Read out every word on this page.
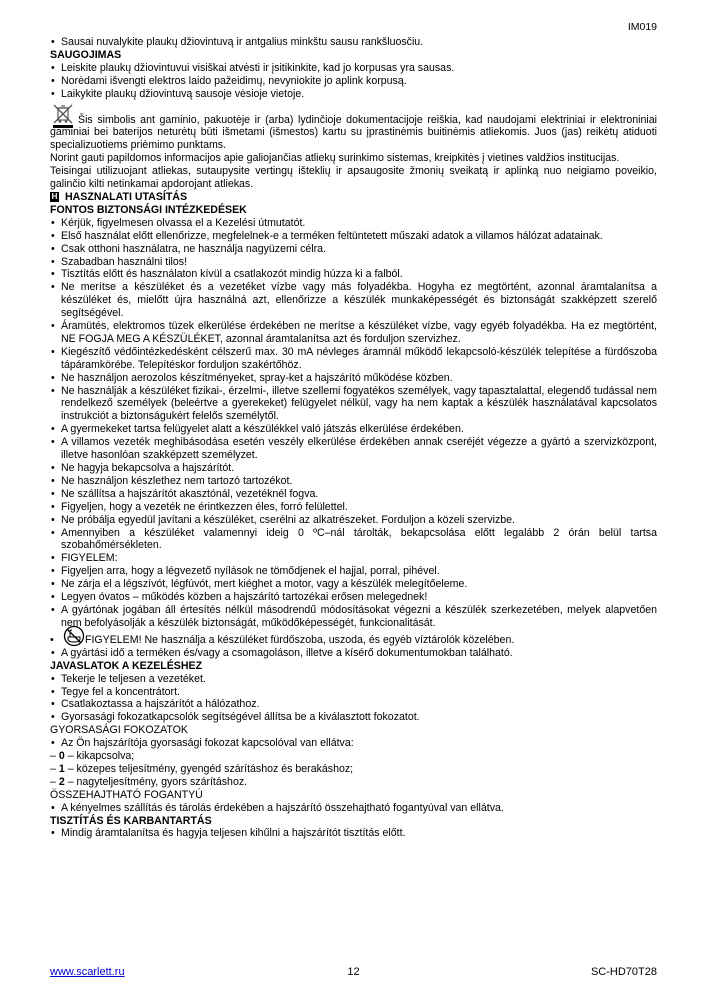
IM019
• Sausai nuvalykite plaukų džiovintuvą ir antgalius minkštu sausu rankšluosčiu.
SAUGOJIMAS
• Leiskite plaukų džiovintuvui visiškai atvėsti ir įsitikinkite, kad jo korpusas yra sausas.
• Norėdami išvengti elektros laido pažeidimų, nevyniokite jo aplink korpusą.
• Laikykite plaukų džiovintuvą sausoje vėsioje vietoje.

Šis simbolis ant gaminio, pakuotėje ir (arba) lydinčioje dokumentacijoje reiškia, kad naudojami elektriniai ir elektroniniai gaminiai bei baterijos neturėtų būti išmetami (išmestos) kartu su įprastinėmis buitinėmis atliekomis. Juos (jas) reikėtų atiduoti specializuotiems priėmimo punktams.

Norint gauti papildomos informacijos apie galiojančias atliekų surinkimo sistemas, kreipkitės į vietines valdžios institucijas.

Teisingai utilizuojant atliekas, sutaupysite vertingų išteklių ir apsaugosite žmonių sveikatą ir aplinką nuo neigiamo poveikio, galinčio kilti netinkamai apdorojant atliekas.

H HASZNALATI UTASÍTÁS
FONTOS BIZTONSÁGI INTÉZKEDÉSEK
• Kérjük, figyelmesen olvassa el a Kezelési útmutatót.
• Első használat előtt ellenőrizze, megfelelnek-e a terméken feltüntetett műszaki adatok a villamos hálózat adatainak.
• Csak otthoni használatra, ne használja nagyüzemi célra.
• Szabadban használni tilos!
• Tisztítás előtt és használaton kívül a csatlakozót mindig húzza ki a falból.
• Ne merítse a készüléket és a vezetéket vízbe vagy más folyadékba. Hogyha ez megtörtént, azonnal áramtalanítsa a készüléket és, mielőtt újra használná azt, ellenőrizze a készülék munkaképességét és biztonságát szakképzett szerelő segítségével.
• Áramütés, elektromos tüzek elkerülése érdekében ne merítse a készüléket vízbe, vagy egyéb folyadékba. Ha ez megtörtént, NE FOGJA MEG A KÉSZÜLÉKET, azonnal áramtalanítsa azt és forduljon szervizhez.
• Kiegészítő védőintézkedésként célszerű max. 30 mA névleges áramnál működő lekapcsoló-készülék telepítése a fürdőszoba tápáramkörébe. Telepítéskor forduljon szakértőhöz.
• Ne használjon aerozolos készítményeket, spray-ket a hajszárító működése közben.
• Ne használják a készüléket fizikai-, érzelmi-, illetve szellemi fogyatékos személyek, vagy tapasztalattal, elegendő tudással nem rendelkező személyek (beleértve a gyerekeket) felügyelet nélkül, vagy ha nem kaptak a készülék használatával kapcsolatos instrukciót a biztonságukért felelős személytől.
• A gyermekeket tartsa felügyelet alatt a készülékkel való játszás elkerülése érdekében.
• A villamos vezeték meghibásodása esetén veszély elkerülése érdekében annak cseréjét végezze a gyártó a szervizközpont, illetve hasonlóan szakképzett személyzet.
• Ne hagyja bekapcsolva a hajszárítót.
• Ne használjon készlethez nem tartozó tartozékot.
• Ne szállítsa a hajszárítót akasztónál, vezetéknél fogva.
• Figyeljen, hogy a vezeték ne érintkezzen éles, forró felülettel.
• Ne próbálja egyedül javítani a készüléket, cserélni az alkatrészeket. Forduljon a közeli szervizbe.
• Amennyiben a készüléket valamennyi ideig 0 ºC–nál tárolták, bekapcsolása előtt legalább 2 órán belül tartsa szobahőmérsékleten.
• FIGYELEM:
• Figyeljen arra, hogy a légvezető nyílások ne tömődjenek el hajjal, porral, pihével.
• Ne zárja el a légszívót, légfúvót, mert kiéghet a motor, vagy a készülék melegítőeleme.
• Legyen óvatos – működés közben a hajszárító tartozékai erősen melegednek!
• A gyártónak jogában áll értesítés nélkül másodrendű módosításokat végezni a készülék szerkezetében, melyek alapvetően nem befolyásolják a készülék biztonságát, működőképességét, funkcionalitását.
•	FIGYELEM! Ne használja a készüléket fürdőszoba, uszoda, és egyéb víztárolók közelében.
• A gyártási idő a terméken és/vagy a csomagoláson, illetve a kísérő dokumentumokban található.
JAVASLATOK A KEZELÉSHEZ
• Tekerje le teljesen a vezetéket.
• Tegye fel a koncentrátort.
• Csatlakoztassa a hajszárítót a hálózathoz.
• Gyorsasági fokozatkapcsolók segítségével állítsa be a kiválasztott fokozatot.
GYORSASÁGI FOKOZATOK
• Az Ön hajszárítója gyorsasági fokozat kapcsolóval van ellátva:
– 0 – kikapcsolva;
– 1 – közepes teljesítmény, gyengéd szárításhoz és berakáshoz;
– 2 – nagyteljesítmény, gyors szárításhoz.
ÖSSZEHAJTHATÓ FOGANTYÚ
• A kényelmes szállítás és tárolás érdekében a hajszárító összehajtható fogantyúval van ellátva.
TISZTÍTÁS ÉS KARBANTARTÁS
• Mindig áramtalanítsa és hagyja teljesen kihűlni a hajszárítót tisztítás előtt.
www.scarlett.ru	12	SC-HD70T28
